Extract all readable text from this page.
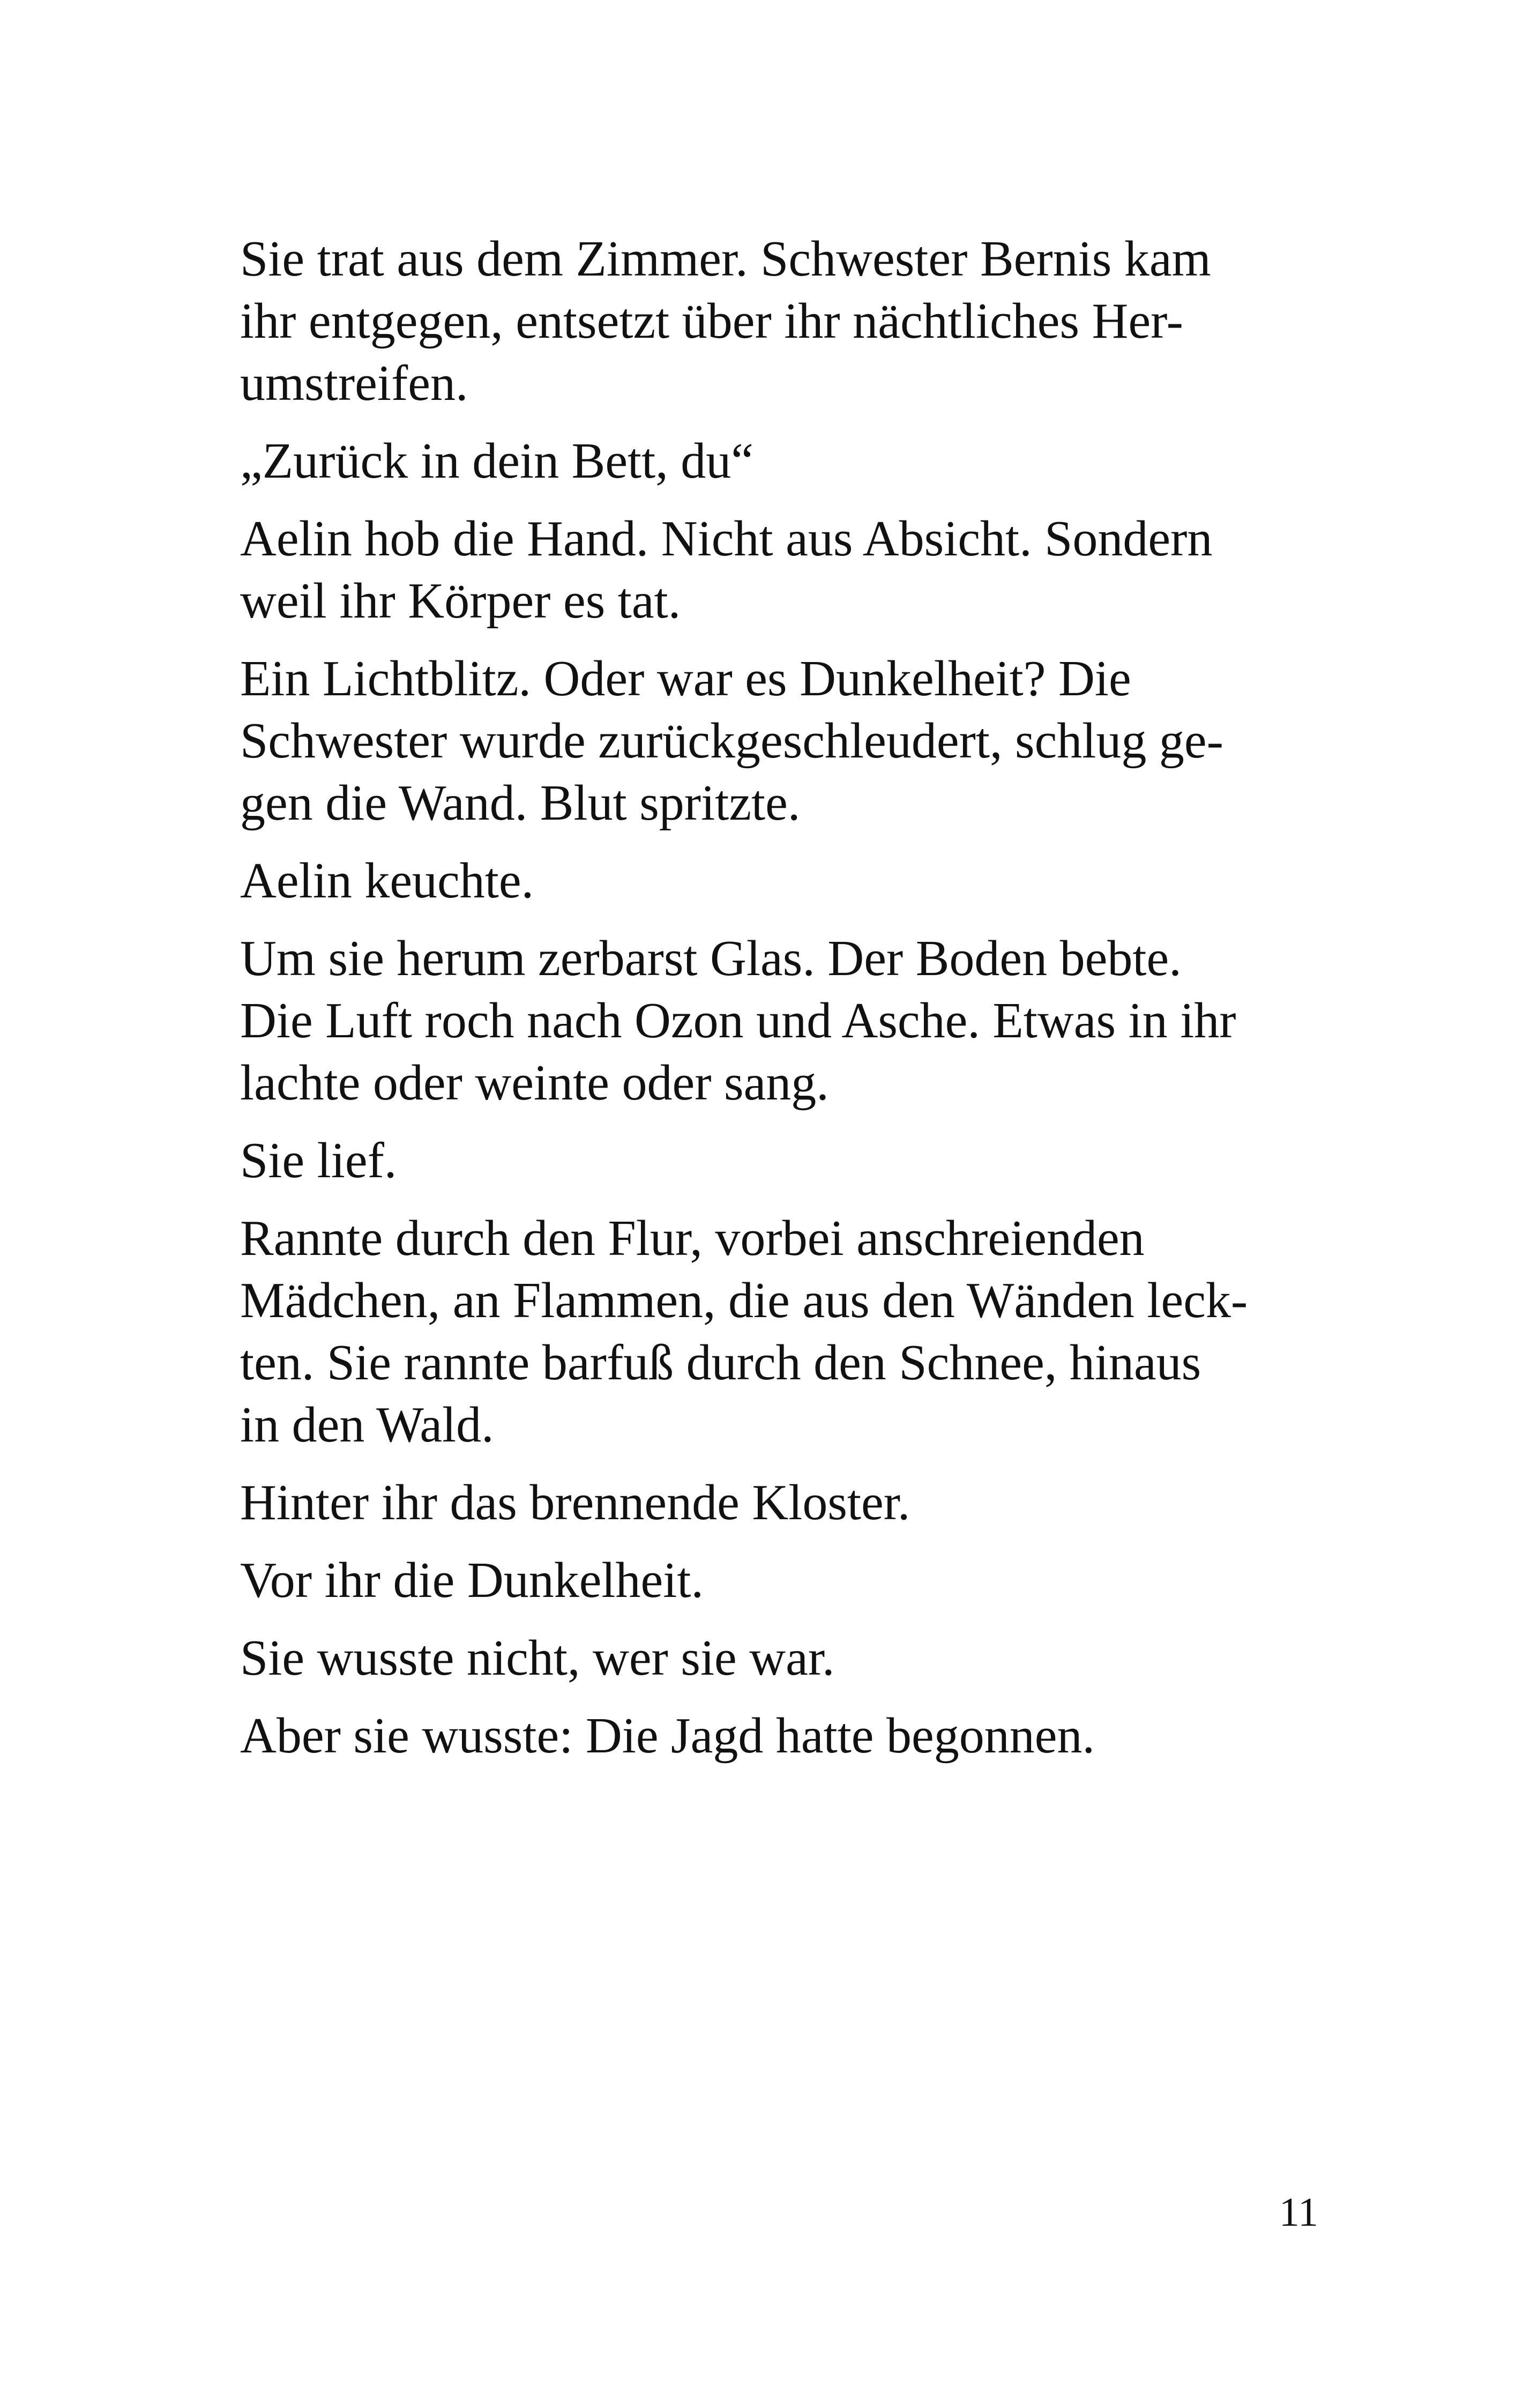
Sie trat aus dem Zimmer. Schwester Bernis kam
ihr entgegen, entsetzt über ihr nächtliches Her-
umstreifen.

„Zurück in dein Bett, du“

Aelin hob die Hand. Nicht aus Absicht. Sondern
weil ihr Körper es tat.

Ein Lichtblitz. Oder war es Dunkelheit? Die
Schwester wurde zurückgeschleudert, schlug ge-
gen die Wand. Blut spritzte.

Aelin keuchte.

Um sie herum zerbarst Glas. Der Boden bebte.
Die Luft roch nach Ozon und Asche. Etwas in ihr
lachte oder weinte oder sang.

Sie lief.

Rannte durch den Flur, vorbei anschreienden
Mädchen, an Flammen, die aus den Wänden leck-
ten. Sie rannte barfuß durch den Schnee, hinaus
in den Wald.

Hinter ihr das brennende Kloster.

Vor ihr die Dunkelheit.

Sie wusste nicht, wer sie war.

Aber sie wusste: Die Jagd hatte begonnen.

11
